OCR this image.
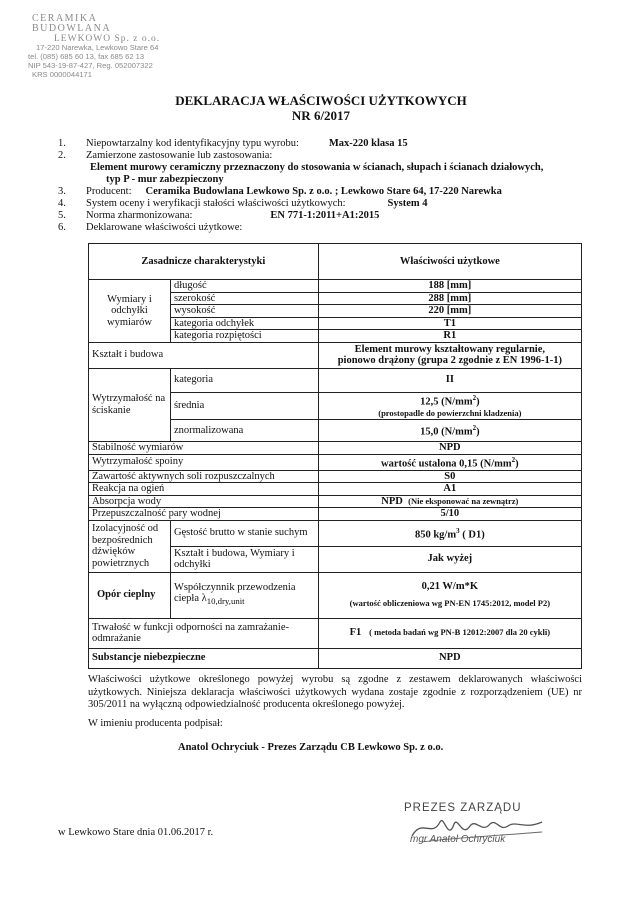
CERAMIKA BUDOWLANA
LEWKOWO Sp. z o.o.
17-220 Narewka, Lewkowo Stare 64
tel. (085) 685 60 13, fax 685 62 13
NIP 543-19-87-427, Reg. 052007322
KRS 0000044171
DEKLARACJA WŁAŚCIWOŚCI UŻYTKOWYCH
NR 6/2017
1. Niepowtarzalny kod identyfikacyjny typu wyrobu:	Max-220 klasa 15
2.	Zamierzone zastosowanie lub zastosowania:
Element murowy ceramiczny przeznaczony do stosowania w ścianach, słupach i ścianach działowych,
typ P - mur zabezpieczony
3. Producent: Ceramika Budowlana Lewkowo Sp. z o.o. ; Lewkowo Stare 64, 17-220 Narewka
4. System oceny i weryfikacji stałości właściwości użytkowych:	System 4
5. Norma zharmonizowana:	EN 771-1:2011+A1:2015
6. Deklarowane właściwości użytkowe:
Zasadnicze charakterystyki		Właściwości użytkowe
Wymiary i odchyłki wymiarów	długość	188 [mm]
	szerokość	288 [mm]
	wysokość	220 [mm]
	kategoria odchyłek	T1
	kategoria rozpiętości	R1
Kształt i budowa		Element murowy kształtowany regularnie,
pionowo drążony (grupa 2 zgodnie z EN 1996-1-1)

Wytrzymałość na ściskanie	kategoria	II
	średnia	12,5 $(N/mm^2)$
(prostopadle do powierzchni kladzenia)

	znormalizowana	15,0 $(N/mm^2)$
Stabilność wymiarów		NPD
Wytrzymałość spoiny		wartość ustalona 0,15 $(N/mm^2)$
Zawartość aktywnych soli rozpuszczalnych		S0
Reakcja na ogień		A1
Absorpcja wody		NPD (Nie eksponować na zewnątrz)
Przepuszczalność pary wodnej		5/10
Izolacyjność od bezpośrednich dźwięków powietrznych	Gęstość brutto w stanie suchym	850 $kg/m^3$ ( D1)
	Kształt i budowa, Wymiary i odchyłki	Jak wyżej
Opór cieplny	Współczynnik przewodzenia ciepła $\lambda_{10,dry,unit}$	0,21 W/m*K
(wartość obliczeniowa wg PN-EN 1745:2012, model P2)

Trwałość w funkcji odporności na zamrażanie-odmrażanie		F1 ( metoda badań wg PN-B 12012:2007 dla 20 cykli)
Substancje niebezpieczne		NPD
Właściwości użytkowe określonego powyżej wyrobu są zgodne z zestawem deklarowanych właściwości użytkowych. Niniejsza deklaracja właściwości użytkowych wydana zostaje zgodnie z rozporządzeniem (UE) nr 305/2011 na wyłączną odpowiedzialność producenta określonego powyżej.
W imieniu producenta podpisał:
Anatol Ochryciuk - Prezes Zarządu CB Lewkowo Sp. z o.o.
w Lewkowo Stare dnia 01.06.2017 r.
PREZES ZARZĄDU
mgr Anatol Ochryciuk
